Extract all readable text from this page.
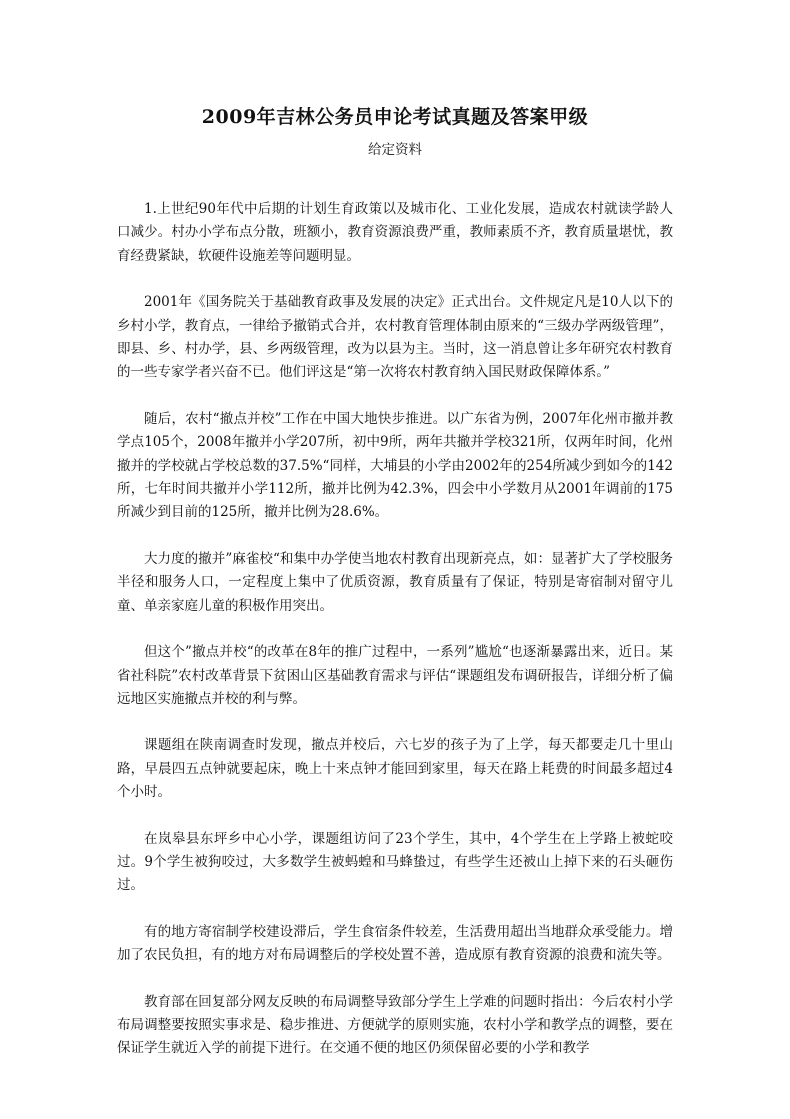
2009年吉林公务员申论考试真题及答案甲级
给定资料

1.上世纪90年代中后期的计划生育政策以及城市化、工业化发展，造成农村就读学龄人口减少。村办小学布点分散，班额小，教育资源浪费严重，教师素质不齐，教育质量堪忧，教育经费紧缺，软硬件设施差等问题明显。

2001年《国务院关于基础教育政事及发展的决定》正式出台。文件规定凡是10人以下的乡村小学，教育点，一律给予撤销式合并，农村教育管理体制由原来的“三级办学两级管理”，即县、乡、村办学，县、乡两级管理，改为以县为主。当时，这一消息曾让多年研究农村教育的一些专家学者兴奋不已。他们评这是“第一次将农村教育纳入国民财政保障体系。”

随后，农村“撤点并校”工作在中国大地快步推进。以广东省为例，2007年化州市撤并教学点105个，2008年撤并小学207所，初中9所，两年共撤并学校321所，仅两年时间，化州撤并的学校就占学校总数的37.5%“同样，大埔县的小学由2002年的254所减少到如今的142所，七年时间共撤并小学112所，撤并比例为42.3%，四会中小学数月从2001年调前的175所减少到目前的125所，撤并比例为28.6%。

大力度的撤并”麻雀校“和集中办学使当地农村教育出现新亮点，如：显著扩大了学校服务半径和服务人口，一定程度上集中了优质资源，教育质量有了保证，特别是寄宿制对留守儿童、单亲家庭儿童的积极作用突出。

但这个”撤点并校“的改革在8年的推广过程中，一系列”尴尬“也逐渐暴露出来，近日。某省社科院”农村改革背景下贫困山区基础教育需求与评估“课题组发布调研报告，详细分析了偏远地区实施撤点并校的利与弊。

课题组在陕南调查时发现，撤点并校后，六七岁的孩子为了上学，每天都要走几十里山路，早晨四五点钟就要起床，晚上十来点钟才能回到家里，每天在路上耗费的时间最多超过4个小时。

在岚皋县东坪乡中心小学，课题组访问了23个学生，其中，4个学生在上学路上被蛇咬过。9个学生被狗咬过，大多数学生被蚂蝗和马蜂蛰过，有些学生还被山上掉下来的石头砸伤过。

有的地方寄宿制学校建设滞后，学生食宿条件较差，生活费用超出当地群众承受能力。增加了农民负担，有的地方对布局调整后的学校处置不善，造成原有教育资源的浪费和流失等。

教育部在回复部分网友反映的布局调整导致部分学生上学难的问题时指出：今后农村小学布局调整要按照实事求是、稳步推进、方便就学的原则实施，农村小学和教学点的调整，要在保证学生就近入学的前提下进行。在交通不便的地区仍须保留必要的小学和教学
